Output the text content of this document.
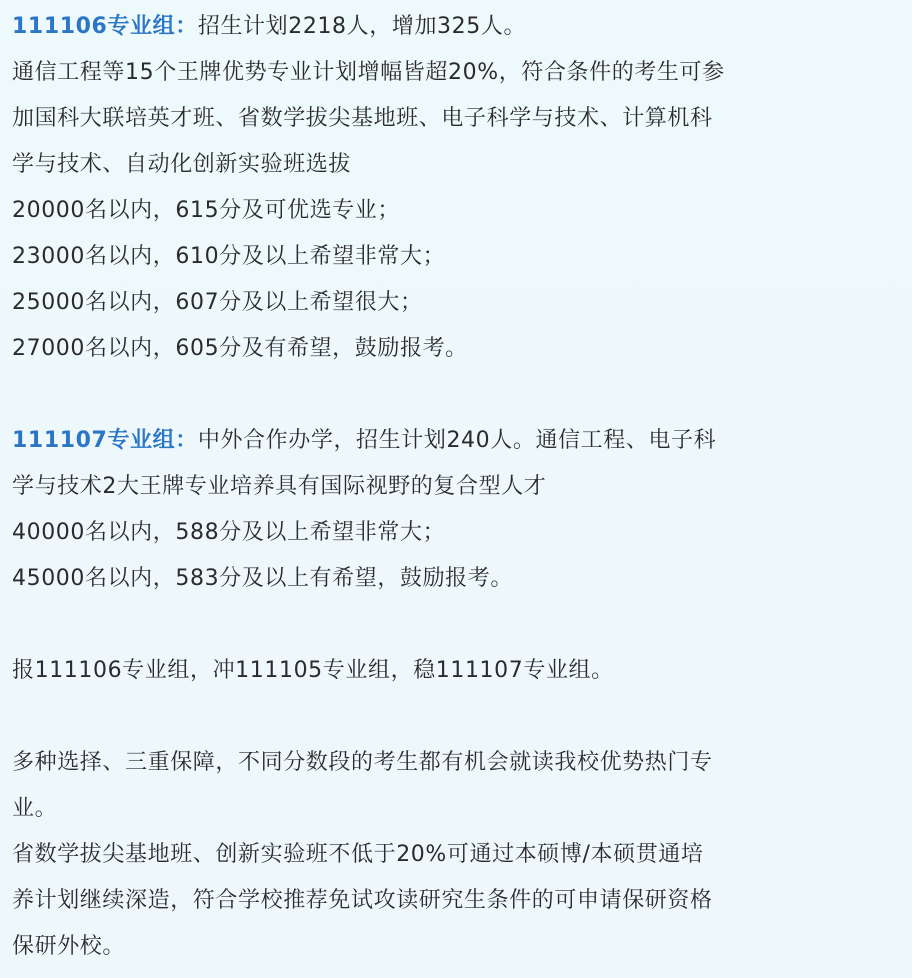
111106专业组：招生计划2218人，增加325人。
通信工程等15个王牌优势专业计划增幅皆超20%，符合条件的考生可参
加国科大联培英才班、省数学拔尖基地班、电子科学与技术、计算机科
学与技术、自动化创新实验班选拔
20000名以内，615分及可优选专业；
23000名以内，610分及以上希望非常大；
25000名以内，607分及以上希望很大；
27000名以内，605分及有希望，鼓励报考。
111107专业组：中外合作办学，招生计划240人。通信工程、电子科
学与技术2大王牌专业培养具有国际视野的复合型人才
40000名以内，588分及以上希望非常大；
45000名以内，583分及以上有希望，鼓励报考。
报111106专业组，冲111105专业组，稳111107专业组。
多种选择、三重保障，不同分数段的考生都有机会就读我校优势热门专
业。
省数学拔尖基地班、创新实验班不低于20%可通过本硕博/本硕贯通培
养计划继续深造，符合学校推荐免试攻读研究生条件的可申请保研资格
保研外校。
